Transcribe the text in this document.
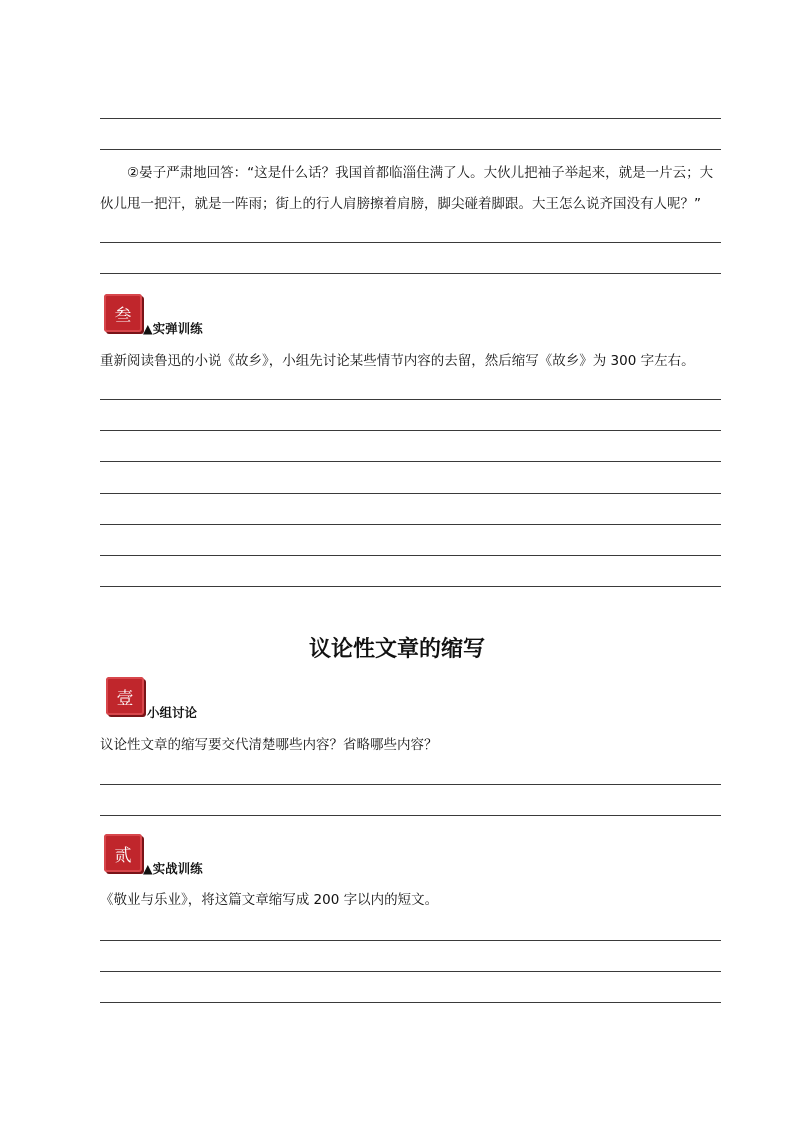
②晏子严肃地回答：“这是什么话？我国首都临淄住满了人。大伙儿把袖子举起来，就是一片云；大伙儿甩一把汗，就是一阵雨；街上的行人肩膀擦着肩膀，脚尖碰着脚跟。大王怎么说齐国没有人呢？”
叁
▲实弹训练
重新阅读鲁迅的小说《故乡》，小组先讨论某些情节内容的去留，然后缩写《故乡》为 300 字左右。
议论性文章的缩写
壹
小组讨论
议论性文章的缩写要交代清楚哪些内容？省略哪些内容？
贰
▲实战训练
《敬业与乐业》，将这篇文章缩写成 200 字以内的短文。
